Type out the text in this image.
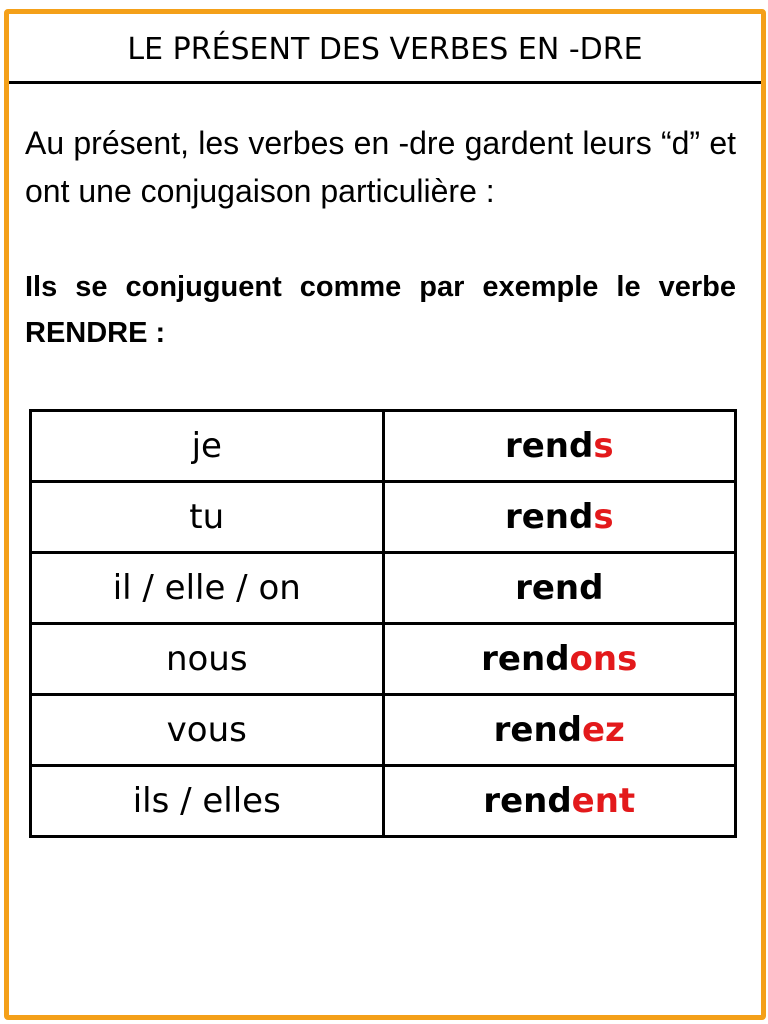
LE PRÉSENT DES VERBES EN -DRE
Au présent, les verbes en -dre gardent leurs “d” et ont une conjugaison particulière :
Ils se conjuguent comme par exemple le verbe RENDRE :
je	rends
tu	rends
il / elle / on	rend
nous	rendons
vous	rendez
ils / elles	rendent
